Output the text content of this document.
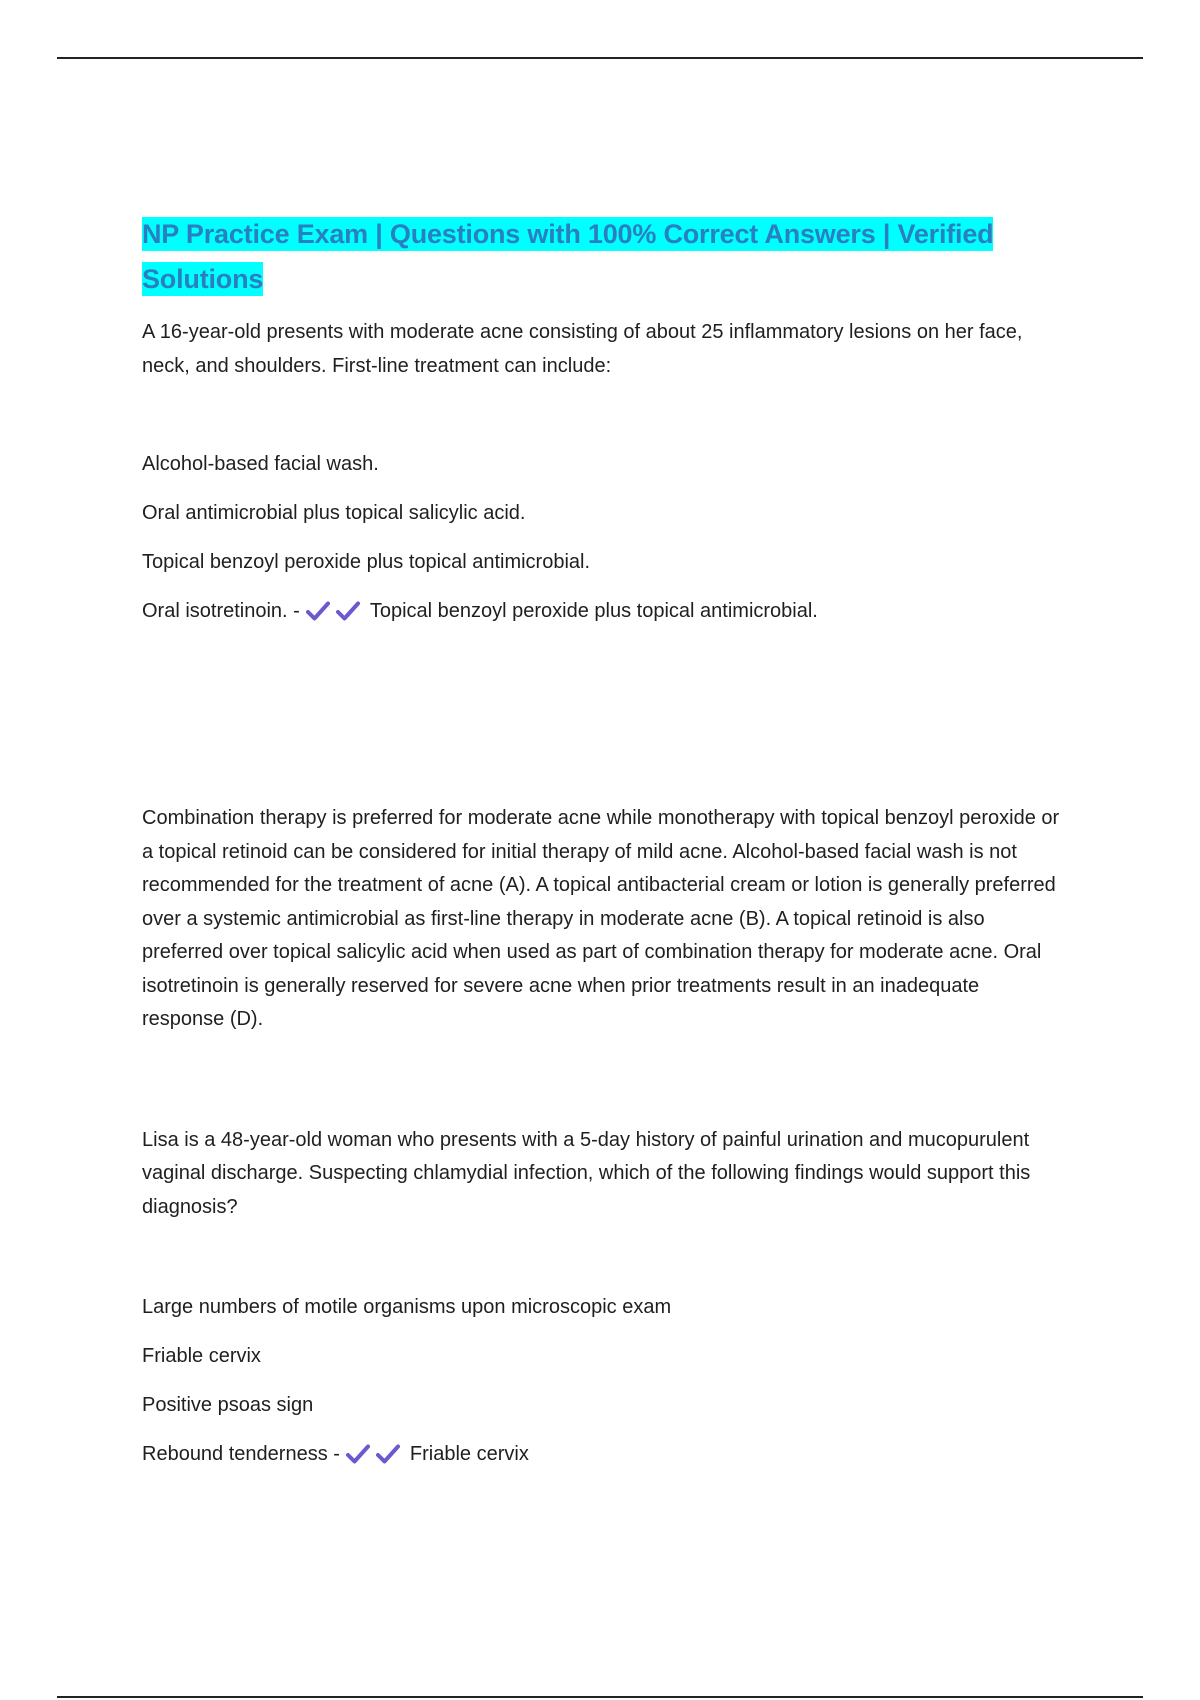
NP Practice Exam | Questions with 100% Correct Answers | Verified Solutions

A 16-year-old presents with moderate acne consisting of about 25 inflammatory lesions on her face, neck, and shoulders. First-line treatment can include:

Alcohol-based facial wash.

Oral antimicrobial plus topical salicylic acid.

Topical benzoyl peroxide plus topical antimicrobial.

Oral isotretinoin. -	Topical benzoyl peroxide plus topical antimicrobial.

Combination therapy is preferred for moderate acne while monotherapy with topical benzoyl peroxide or a topical retinoid can be considered for initial therapy of mild acne. Alcohol-based facial wash is not recommended for the treatment of acne (A). A topical antibacterial cream or lotion is generally preferred over a systemic antimicrobial as first-line therapy in moderate acne (B). A topical retinoid is also preferred over topical salicylic acid when used as part of combination therapy for moderate acne. Oral isotretinoin is generally reserved for severe acne when prior treatments result in an inadequate response (D).

Lisa is a 48-year-old woman who presents with a 5-day history of painful urination and mucopurulent vaginal discharge. Suspecting chlamydial infection, which of the following findings would support this diagnosis?

Large numbers of motile organisms upon microscopic exam

Friable cervix

Positive psoas sign

Rebound tenderness -	Friable cervix
